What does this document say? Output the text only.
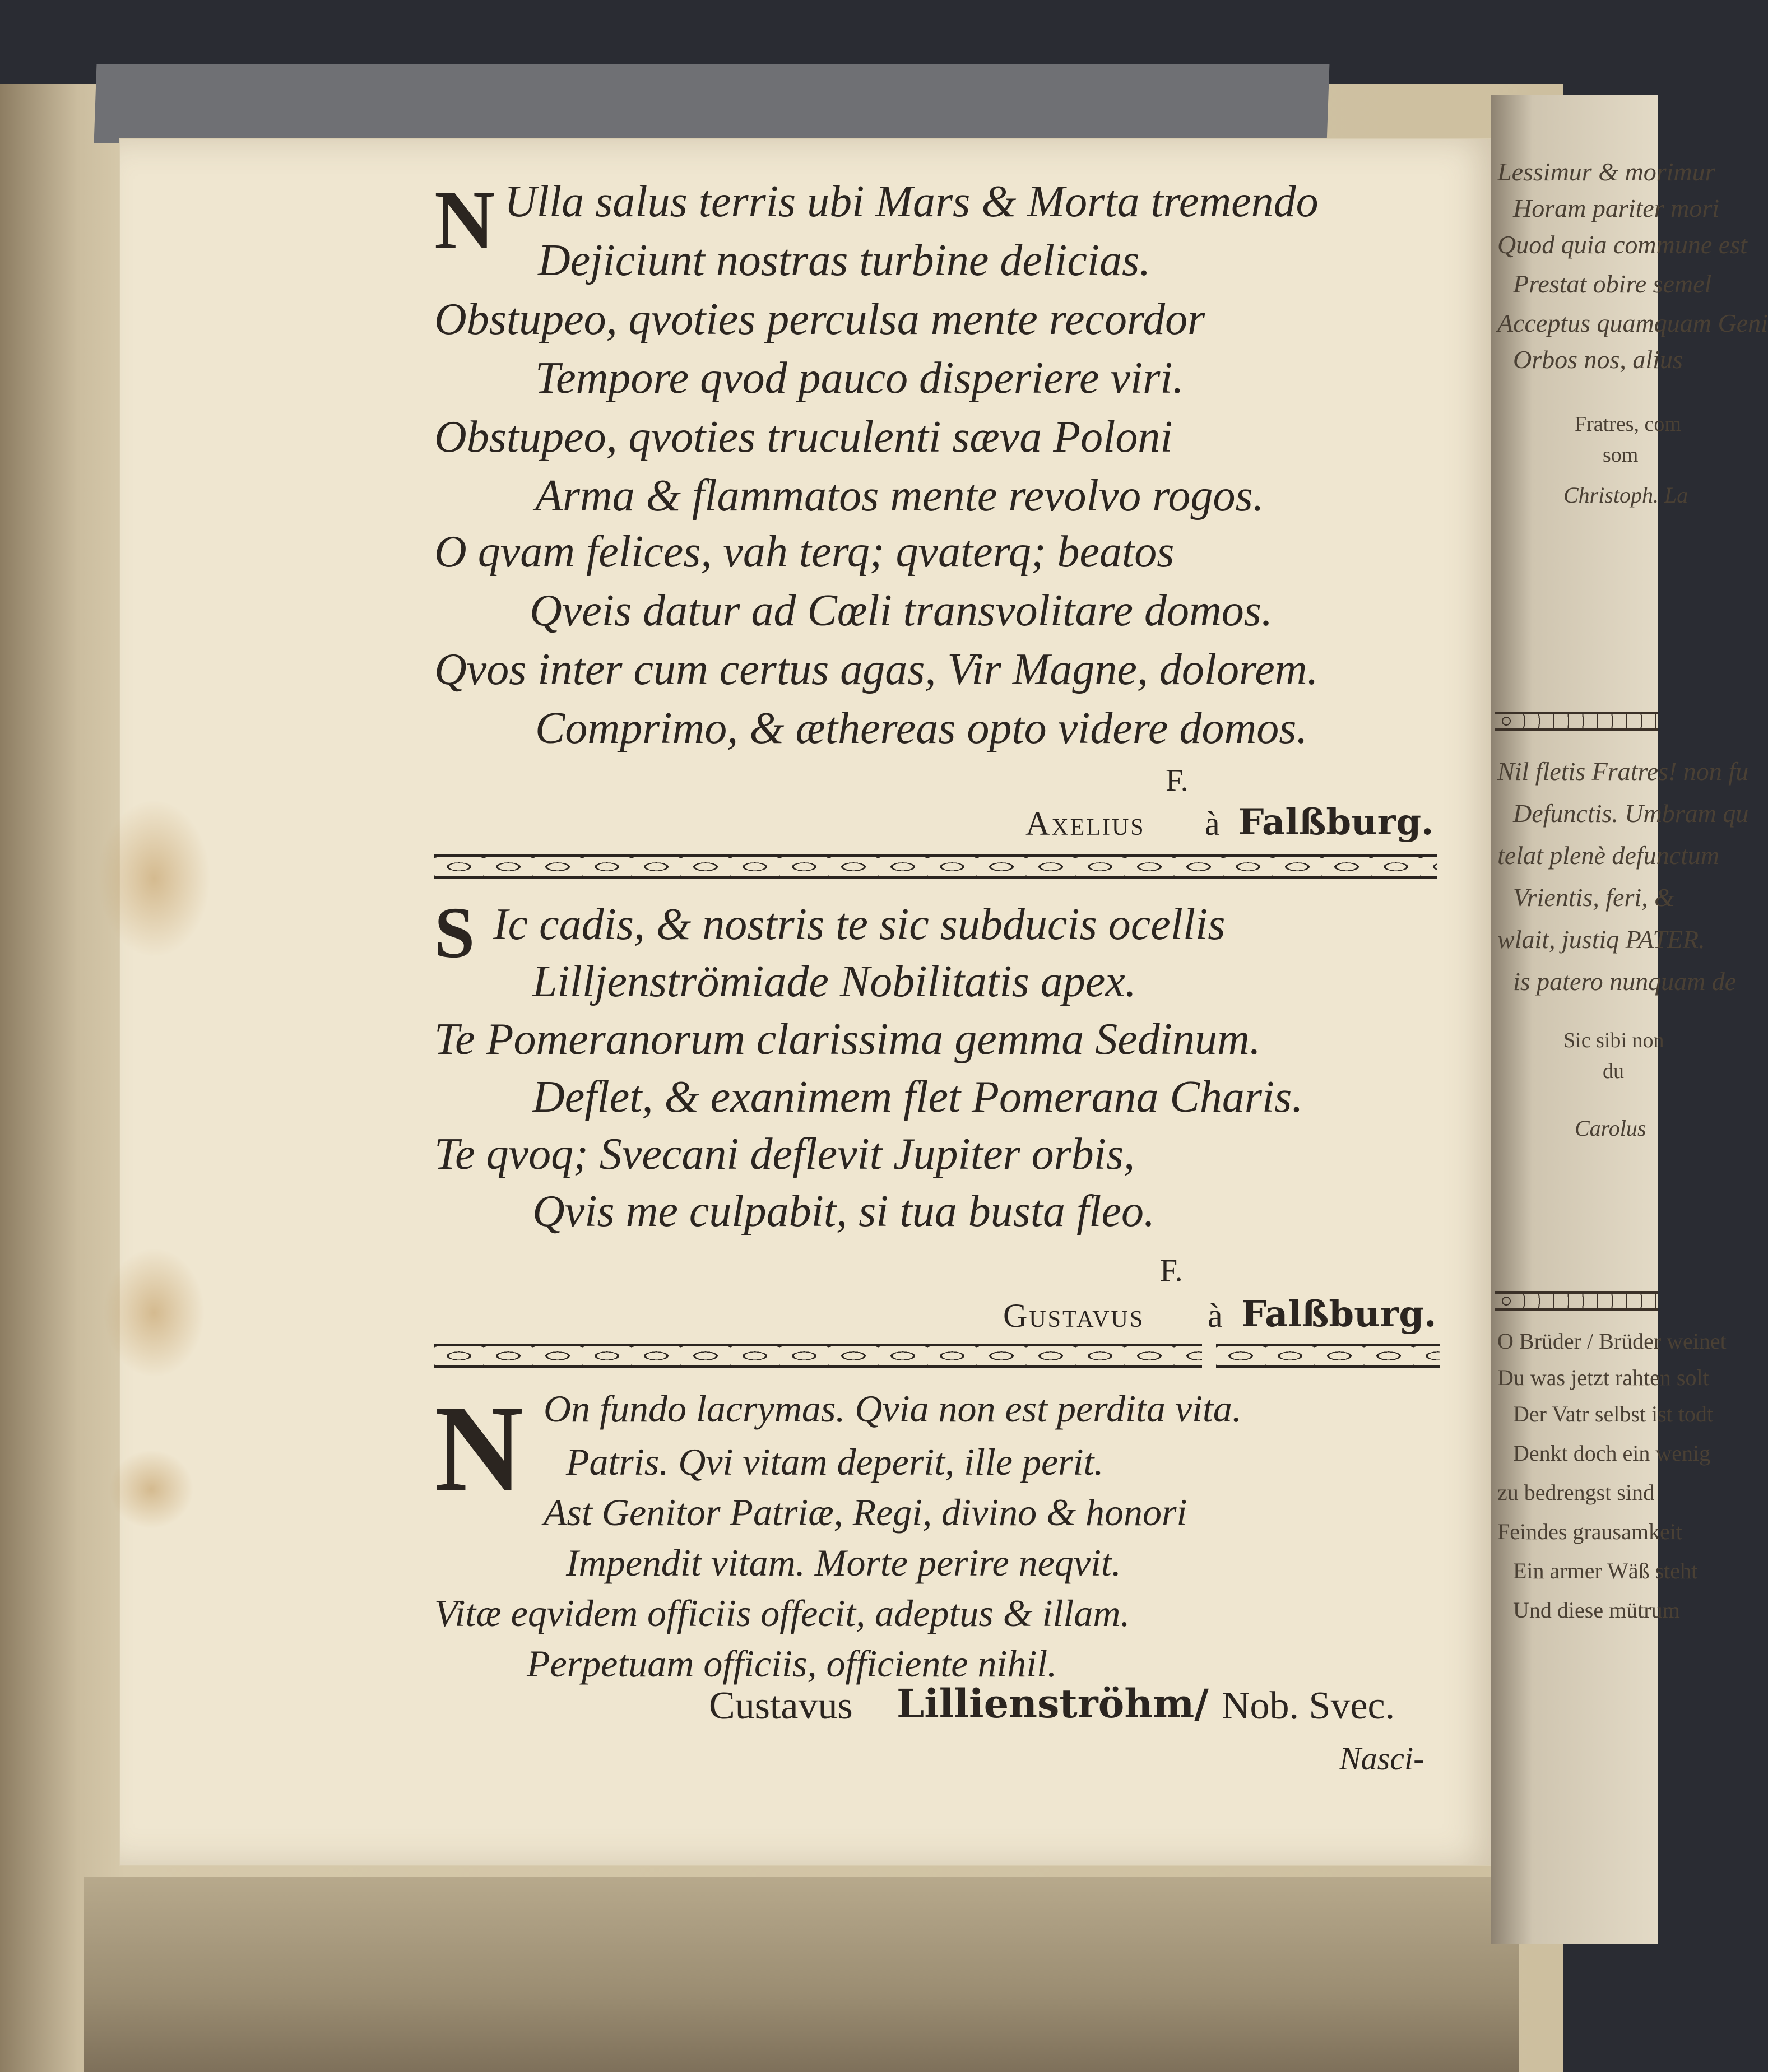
N Ulla salus terris ubi Mars & Morta tremendo
Dejiciunt nostras turbine delicias.
Obstupeo, qvoties perculsa mente recordor
Tempore qvod pauco disperiere viri.
Obstupeo, qvoties truculenti sæva Poloni
Arma & flammatos mente revolvo rogos.
O qvam felices, vah terq; qvaterq; beatos
Qveis datur ad Cœli transvolitare domos.
Qvos inter cum certus agas, Vir Magne, dolorem.
Comprimo, & æthereas opto videre domos.
F.
Axelius à Falßburg.
S Ic cadis, & nostris te sic subducis ocellis
Lilljenströmiade Nobilitatis apex.
Te Pomeranorum clarissima gemma Sedinum.
Deflet, & exanimem flet Pomerana Charis.
Te qvoq; Svecani deflevit Jupiter orbis,
Qvis me culpabit, si tua busta fleo.
F.
Gustavus à Falßburg.
N On fundo lacrymas. Qvia non est perdita vita.
Patris. Qvi vitam deperit, ille perit.
Ast Genitor Patriæ, Regi, divino & honori
Impendit vitam. Morte perire neqvit.
Vitæ eqvidem officiis offecit, adeptus & illam.
Perpetuam officiis, officiente nihil.
Custavus Lillienströhm/ Nob. Svec.
Nasci-
Lessimur & morimur
Horam pariter mori
Quod quia commune est
Prestat obire semel
Acceptus quamquam Geni
Orbos nos, alius
Fratres, com
som
Christoph. La
Nil fletis Fratres! non fu
Defunctis. Umbram qu
telat plenè defunctum
Vrientis, feri, &
wlait, justiq PATER.
is patero nunquam de
Sic sibi non
du
Carolus
O Brüder / Brüder weinet
Du was jetzt rahten solt
Der Vatr selbst ist todt
Denkt doch ein wenig
zu bedrengst sind
Feindes grausamkeit
Ein armer Wäß steht
Und diese mütrum
